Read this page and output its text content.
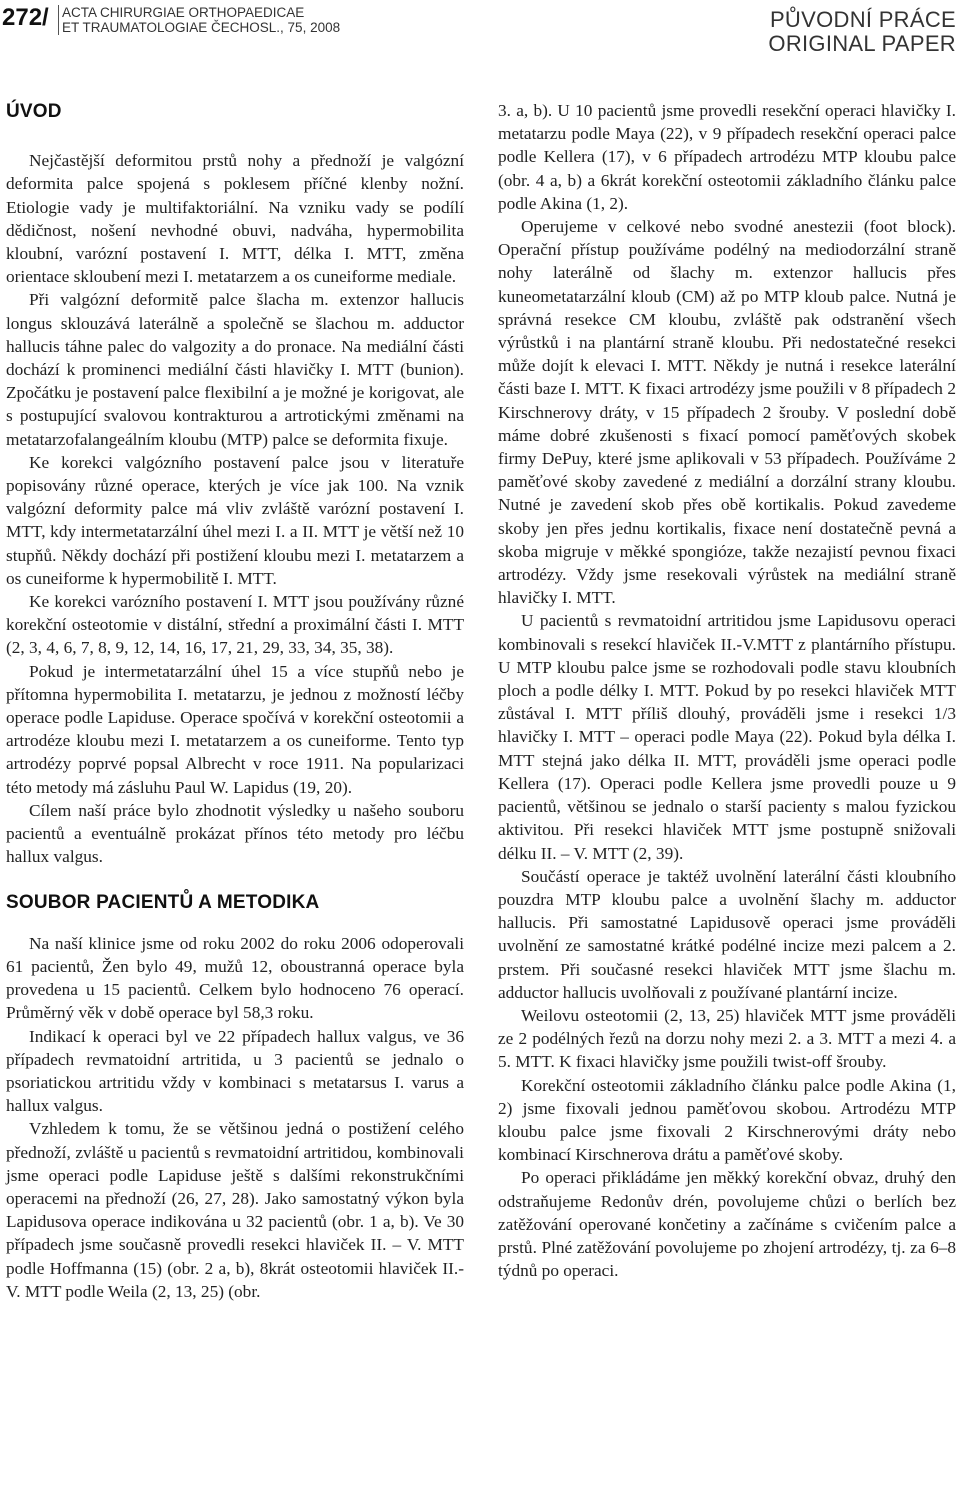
272/ ACTA CHIRURGIAE ORTHOPAEDICAE
ET TRAUMATOLOGIAE ČECHOSL., 75, 2008	PŮVODNÍ PRÁCE
ORIGINAL PAPER
ÚVOD

Nejčastější deformitou prstů nohy a přednoží je valgózní deformita palce spojená s poklesem příčné klenby nožní. Etiologie vady je multifaktoriální. Na vzniku vady se podílí dědičnost, nošení nevhodné obuvi, nadváha, hypermobilita kloubní, varózní postavení I. MTT, délka I. MTT, změna orientace skloubení mezi I. metatarzem a os cuneiforme mediale.

Při valgózní deformitě palce šlacha m. extenzor hallucis longus sklouzává laterálně a společně se šlachou m. adductor hallucis táhne palec do valgozity a do pronace. Na mediální části dochází k prominenci mediální části hlavičky I. MTT (bunion). Zpočátku je postavení palce flexibilní a je možné je korigovat, ale s postupující svalovou kontrakturou a artrotickými změnami na metatarzofalangeálním kloubu (MTP) palce se deformita fixuje.

Ke korekci valgózního postavení palce jsou v literatuře popisovány různé operace, kterých je více jak 100. Na vznik valgózní deformity palce má vliv zvláště varózní postavení I. MTT, kdy intermetatarzální úhel mezi I. a II. MTT je větší než 10 stupňů. Někdy dochází při postižení kloubu mezi I. metatarzem a os cuneiforme k hypermobilitě I. MTT.

Ke korekci varózního postavení I. MTT jsou používány různé korekční osteotomie v distální, střední a proximální části I. MTT (2, 3, 4, 6, 7, 8, 9, 12, 14, 16, 17, 21, 29, 33, 34, 35, 38).

Pokud je intermetatarzální úhel 15 a více stupňů nebo je přítomna hypermobilita I. metatarzu, je jednou z možností léčby operace podle Lapiduse. Operace spočívá v korekční osteotomii a artrodéze kloubu mezi I. metatarzem a os cuneiforme. Tento typ artrodézy poprvé popsal Albrecht v roce 1911. Na popularizaci této metody má zásluhu Paul W. Lapidus (19, 20).

Cílem naší práce bylo zhodnotit výsledky u našeho souboru pacientů a eventuálně prokázat přínos této metody pro léčbu hallux valgus.

SOUBOR PACIENTŮ A METODIKA

Na naší klinice jsme od roku 2002 do roku 2006 odoperovali 61 pacientů, Žen bylo 49, mužů 12, oboustranná operace byla provedena u 15 pacientů. Celkem bylo hodnoceno 76 operací. Průměrný věk v době operace byl 58,3 roku.

Indikací k operaci byl ve 22 případech hallux valgus, ve 36 případech revmatoidní artritida, u 3 pacientů se jednalo o psoriatickou artritidu vždy v kombinaci s metatarsus I. varus a hallux valgus.

Vzhledem k tomu, že se většinou jedná o postižení celého přednoží, zvláště u pacientů s revmatoidní artritidou, kombinovali jsme operaci podle Lapiduse ještě s dalšími rekonstrukčními operacemi na přednoží (26, 27, 28). Jako samostatný výkon byla Lapidusova operace indikována u 32 pacientů (obr. 1 a, b). Ve 30 případech jsme současně provedli resekci hlaviček II. – V. MTT podle Hoffmanna (15) (obr. 2 a, b), 8krát osteotomii hlaviček II.-V. MTT podle Weila (2, 13, 25) (obr.

3. a, b). U 10 pacientů jsme provedli resekční operaci hlavičky I. metatarzu podle Maya (22), v 9 případech resekční operaci palce podle Kellera (17), v 6 případech artrodézu MTP kloubu palce (obr. 4 a, b) a 6krát korekční osteotomii základního článku palce podle Akina (1, 2).

Operujeme v celkové nebo svodné anestezii (foot block). Operační přístup používáme podélný na mediodorzální straně nohy laterálně od šlachy m. extenzor hallucis přes kuneometatarzální kloub (CM) až po MTP kloub palce. Nutná je správná resekce CM kloubu, zvláště pak odstranění všech výrůstků i na plantární straně kloubu. Při nedostatečné resekci může dojít k elevaci I. MTT. Někdy je nutná i resekce laterální části baze I. MTT. K fixaci artrodézy jsme použili v 8 případech 2 Kirschnerovy dráty, v 15 případech 2 šrouby. V poslední době máme dobré zkušenosti s fixací pomocí paměťových skobek firmy DePuy, které jsme aplikovali v 53 případech. Používáme 2 paměťové skoby zavedené z mediální a dorzální strany kloubu. Nutné je zavedení skob přes obě kortikalis. Pokud zavedeme skoby jen přes jednu kortikalis, fixace není dostatečně pevná a skoba migruje v měkké spongióze, takže nezajistí pevnou fixaci artrodézy. Vždy jsme resekovali výrůstek na mediální straně hlavičky I. MTT.

U pacientů s revmatoidní artritidou jsme Lapidusovu operaci kombinovali s resekcí hlaviček II.-V.MTT z plantárního přístupu. U MTP kloubu palce jsme se rozhodovali podle stavu kloubních ploch a podle délky I. MTT. Pokud by po resekci hlaviček MTT zůstával I. MTT příliš dlouhý, prováděli jsme i resekci 1/3 hlavičky I. MTT – operaci podle Maya (22). Pokud byla délka I. MTT stejná jako délka II. MTT, prováděli jsme operaci podle Kellera (17). Operaci podle Kellera jsme provedli pouze u 9 pacientů, většinou se jednalo o starší pacienty s malou fyzickou aktivitou. Při resekci hlaviček MTT jsme postupně snižovali délku II. – V. MTT (2, 39).

Součástí operace je taktéž uvolnění laterální části kloubního pouzdra MTP kloubu palce a uvolnění šlachy m. adductor hallucis. Při samostatné Lapidusově operaci jsme prováděli uvolnění ze samostatné krátké podélné incize mezi palcem a 2. prstem. Při současné resekci hlaviček MTT jsme šlachu m. adductor hallucis uvolňovali z používané plantární incize.

Weilovu osteotomii (2, 13, 25) hlaviček MTT jsme prováděli ze 2 podélných řezů na dorzu nohy mezi 2. a 3. MTT a mezi 4. a 5. MTT. K fixaci hlavičky jsme použili twist-off šrouby.

Korekční osteotomii základního článku palce podle Akina (1, 2) jsme fixovali jednou paměťovou skobou. Artrodézu MTP kloubu palce jsme fixovali 2 Kirschnerovými dráty nebo kombinací Kirschnerova drátu a paměťové skoby.

Po operaci přikládáme jen měkký korekční obvaz, druhý den odstraňujeme Redonův drén, povolujeme chůzi o berlích bez zatěžování operované končetiny a začínáme s cvičením palce a prstů. Plné zatěžování povolujeme po zhojení artrodézy, tj. za 6–8 týdnů po operaci.
